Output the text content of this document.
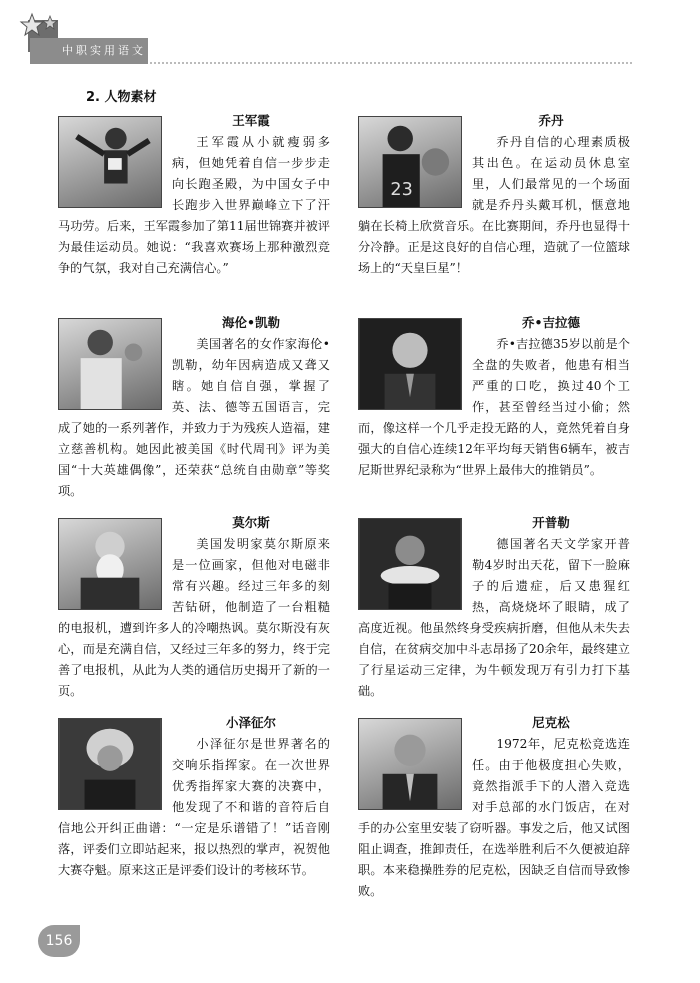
中职实用语文
2. 人物素材
王军霞

王军霞从小就瘦弱多病，但她凭着自信一步步走向长跑圣殿，为中国女子中长跑步入世界巅峰立下了汗马功劳。后来，王军霞参加了第11届世锦赛并被评为最佳运动员。她说：“我喜欢赛场上那种激烈竞争的气氛，我对自己充满信心。”

23
乔丹

乔丹自信的心理素质极其出色。在运动员休息室里，人们最常见的一个场面就是乔丹头戴耳机，惬意地躺在长椅上欣赏音乐。在比赛期间，乔丹也显得十分冷静。正是这良好的自信心理，造就了一位篮球场上的“天皇巨星”！

海伦•凯勒

美国著名的女作家海伦•凯勒，幼年因病造成又聋又瞎。她自信自强，掌握了英、法、德等五国语言，完成了她的一系列著作，并致力于为残疾人造福，建立慈善机构。她因此被美国《时代周刊》评为美国“十大英雄偶像”，还荣获“总统自由勋章”等奖项。

乔•吉拉德

乔•吉拉德35岁以前是个全盘的失败者，他患有相当严重的口吃，换过40个工作，甚至曾经当过小偷；然而，像这样一个几乎走投无路的人，竟然凭着自身强大的自信心连续12年平均每天销售6辆车，被吉尼斯世界纪录称为“世界上最伟大的推销员”。

莫尔斯

美国发明家莫尔斯原来是一位画家，但他对电磁非常有兴趣。经过三年多的刻苦钻研，他制造了一台粗糙的电报机，遭到许多人的冷嘲热讽。莫尔斯没有灰心，而是充满自信，又经过三年多的努力，终于完善了电报机，从此为人类的通信历史揭开了新的一页。

开普勒

德国著名天文学家开普勒4岁时出天花，留下一脸麻子的后遗症，后又患猩红热，高烧烧坏了眼睛，成了高度近视。他虽然终身受疾病折磨，但他从未失去自信，在贫病交加中斗志昂扬了20余年，最终建立了行星运动三定律，为牛顿发现万有引力打下基础。

小泽征尔

小泽征尔是世界著名的交响乐指挥家。在一次世界优秀指挥家大赛的决赛中，他发现了不和谐的音符后自信地公开纠正曲谱：“一定是乐谱错了！”话音刚落，评委们立即站起来，报以热烈的掌声，祝贺他大赛夺魁。原来这正是评委们设计的考核环节。

尼克松

1972年，尼克松竞选连任。由于他极度担心失败，竟然指派手下的人潜入竞选对手总部的水门饭店，在对手的办公室里安装了窃听器。事发之后，他又试图阻止调查，推卸责任，在选举胜利后不久便被迫辞职。本来稳操胜券的尼克松，因缺乏自信而导致惨败。

156
